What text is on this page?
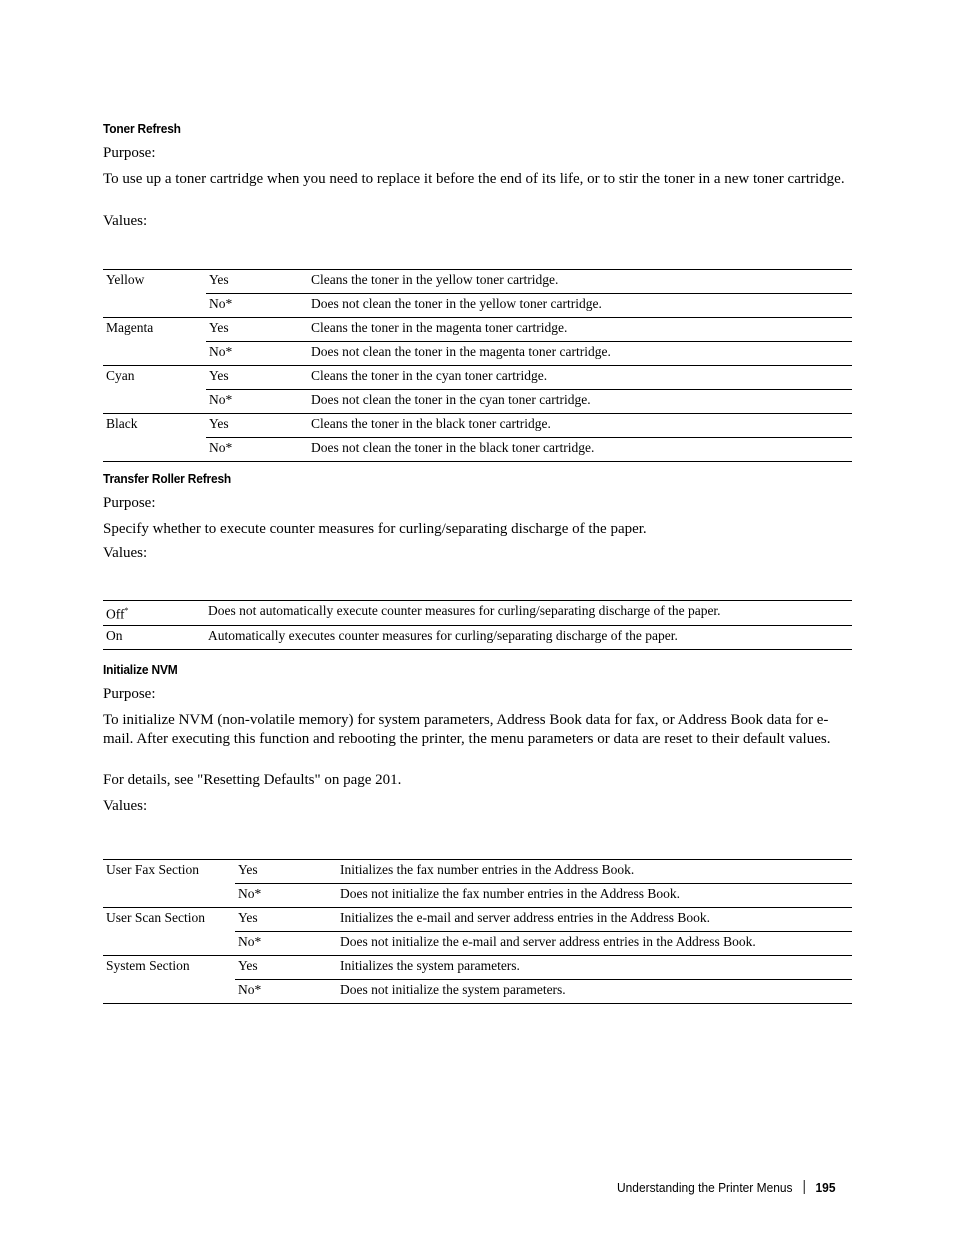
Toner Refresh
Purpose:
To use up a toner cartridge when you need to replace it before the end of its life, or to stir the toner in a new toner cartridge.
Values:
Yellow	Yes	Cleans the toner in the yellow toner cartridge.
	No*	Does not clean the toner in the yellow toner cartridge.
Magenta	Yes	Cleans the toner in the magenta toner cartridge.
	No*	Does not clean the toner in the magenta toner cartridge.
Cyan	Yes	Cleans the toner in the cyan toner cartridge.
	No*	Does not clean the toner in the cyan toner cartridge.
Black	Yes	Cleans the toner in the black toner cartridge.
	No*	Does not clean the toner in the black toner cartridge.
Transfer Roller Refresh
Purpose:
Specify whether to execute counter measures for curling/separating discharge of the paper.
Values:
Off*	Does not automatically execute counter measures for curling/separating discharge of the paper.
On	Automatically executes counter measures for curling/separating discharge of the paper.
Initialize NVM
Purpose:
To initialize NVM (non-volatile memory) for system parameters, Address Book data for fax, or Address Book data for e-mail. After executing this function and rebooting the printer, the menu parameters or data are reset to their default values.
For details, see "Resetting Defaults" on page 201.
Values:
User Fax Section	Yes	Initializes the fax number entries in the Address Book.
	No*	Does not initialize the fax number entries in the Address Book.
User Scan Section	Yes	Initializes the e-mail and server address entries in the Address Book.
	No*	Does not initialize the e-mail and server address entries in the Address Book.
System Section	Yes	Initializes the system parameters.
	No*	Does not initialize the system parameters.
Understanding the Printer Menus 195
